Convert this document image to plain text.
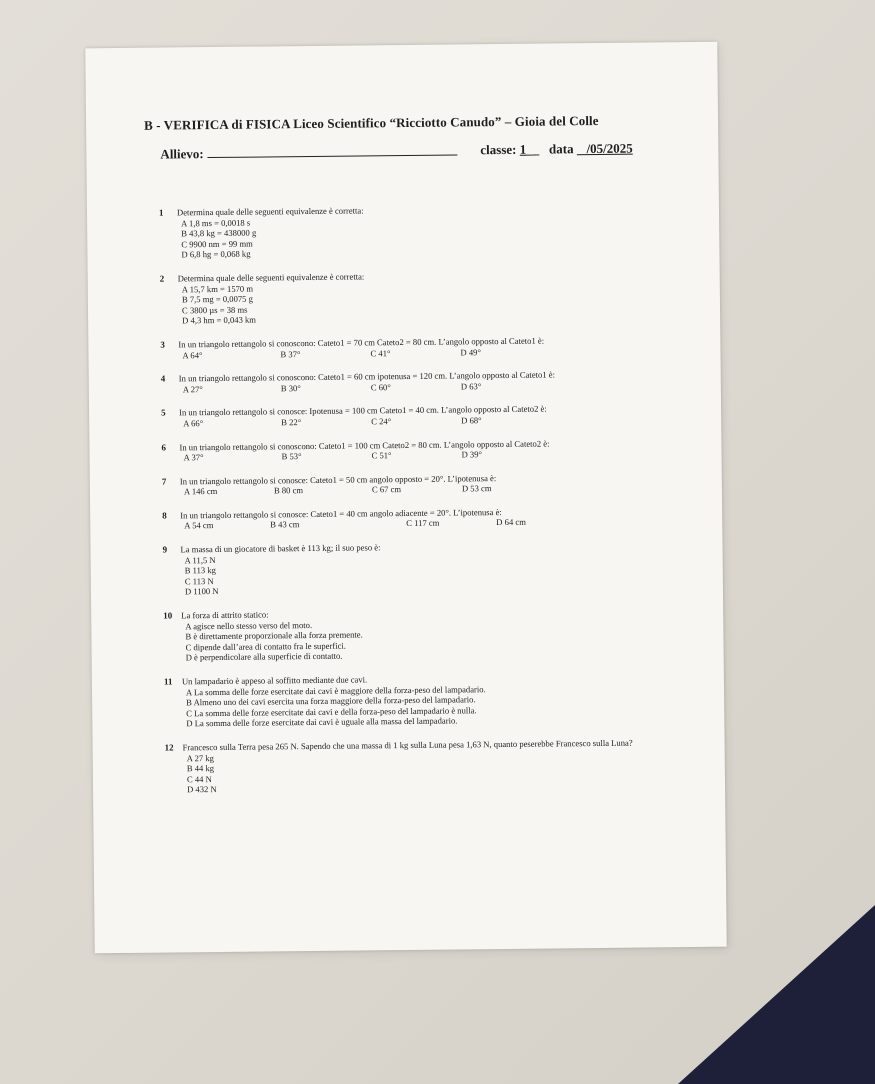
B - VERIFICA di FISICA Liceo Scientifico “Ricciotto Canudo” – Gioia del Colle
Allievo:	classe: 1__   data /05/2025
1 Determina quale delle seguenti equivalenze è corretta:
A 1,8 ms = 0,0018 s
B 43,8 kg = 438000 g
C 9900 nm = 99 mm
D 6,8 hg = 0,068 kg
2 Determina quale delle seguenti equivalenze è corretta:
A 15,7 km = 1570 m
B 7,5 mg = 0,0075 g
C 3800 µs = 38 ms
D 4,3 hm = 0,043 km
3 In un triangolo rettangolo si conoscono: Cateto1 = 70 cm Cateto2 = 80 cm. L’angolo opposto al Cateto1 è:
A 64°	B 37°	C 41°	D 49°
4 In un triangolo rettangolo si conoscono: Cateto1 = 60 cm ipotenusa = 120 cm. L’angolo opposto al Cateto1 è:
A 27°	B 30°	C 60°	D 63°
5 In un triangolo rettangolo si conosce: Ipotenusa = 100 cm Cateto1 = 40 cm. L’angolo opposto al Cateto2 è:
A 66°	B 22°	C 24°	D 68°
6 In un triangolo rettangolo si conoscono: Cateto1 = 100 cm Cateto2 = 80 cm. L’angolo opposto al Cateto2 è:
A 37°	B 53°	C 51°	D 39°
7 In un triangolo rettangolo si conosce: Cateto1 = 50 cm angolo opposto = 20°. L’ipotenusa è:
A 146 cm	B 80 cm	C 67 cm	D 53 cm
8 In un triangolo rettangolo si conosce: Cateto1 = 40 cm angolo adiacente = 20°. L’ipotenusa è:
A 54 cm	B 43 cm	C 117 cm	D 64 cm
9 La massa di un giocatore di basket è 113 kg; il suo peso è:
A 11,5 N
B 113 kg
C 113 N
D 1100 N
10 La forza di attrito statico:
A agisce nello stesso verso del moto.
B è direttamente proporzionale alla forza premente.
C dipende dall’area di contatto fra le superfici.
D è perpendicolare alla superficie di contatto.
11 Un lampadario è appeso al soffitto mediante due cavi.
A La somma delle forze esercitate dai cavi è maggiore della forza-peso del lampadario.
B Almeno uno dei cavi esercita una forza maggiore della forza-peso del lampadario.
C La somma delle forze esercitate dai cavi e della forza-peso del lampadario è nulla.
D La somma delle forze esercitate dai cavi è uguale alla massa del lampadario.
12 Francesco sulla Terra pesa 265 N. Sapendo che una massa di 1 kg sulla Luna pesa 1,63 N, quanto peserebbe Francesco sulla Luna?
A 27 kg
B 44 kg
C 44 N
D 432 N
